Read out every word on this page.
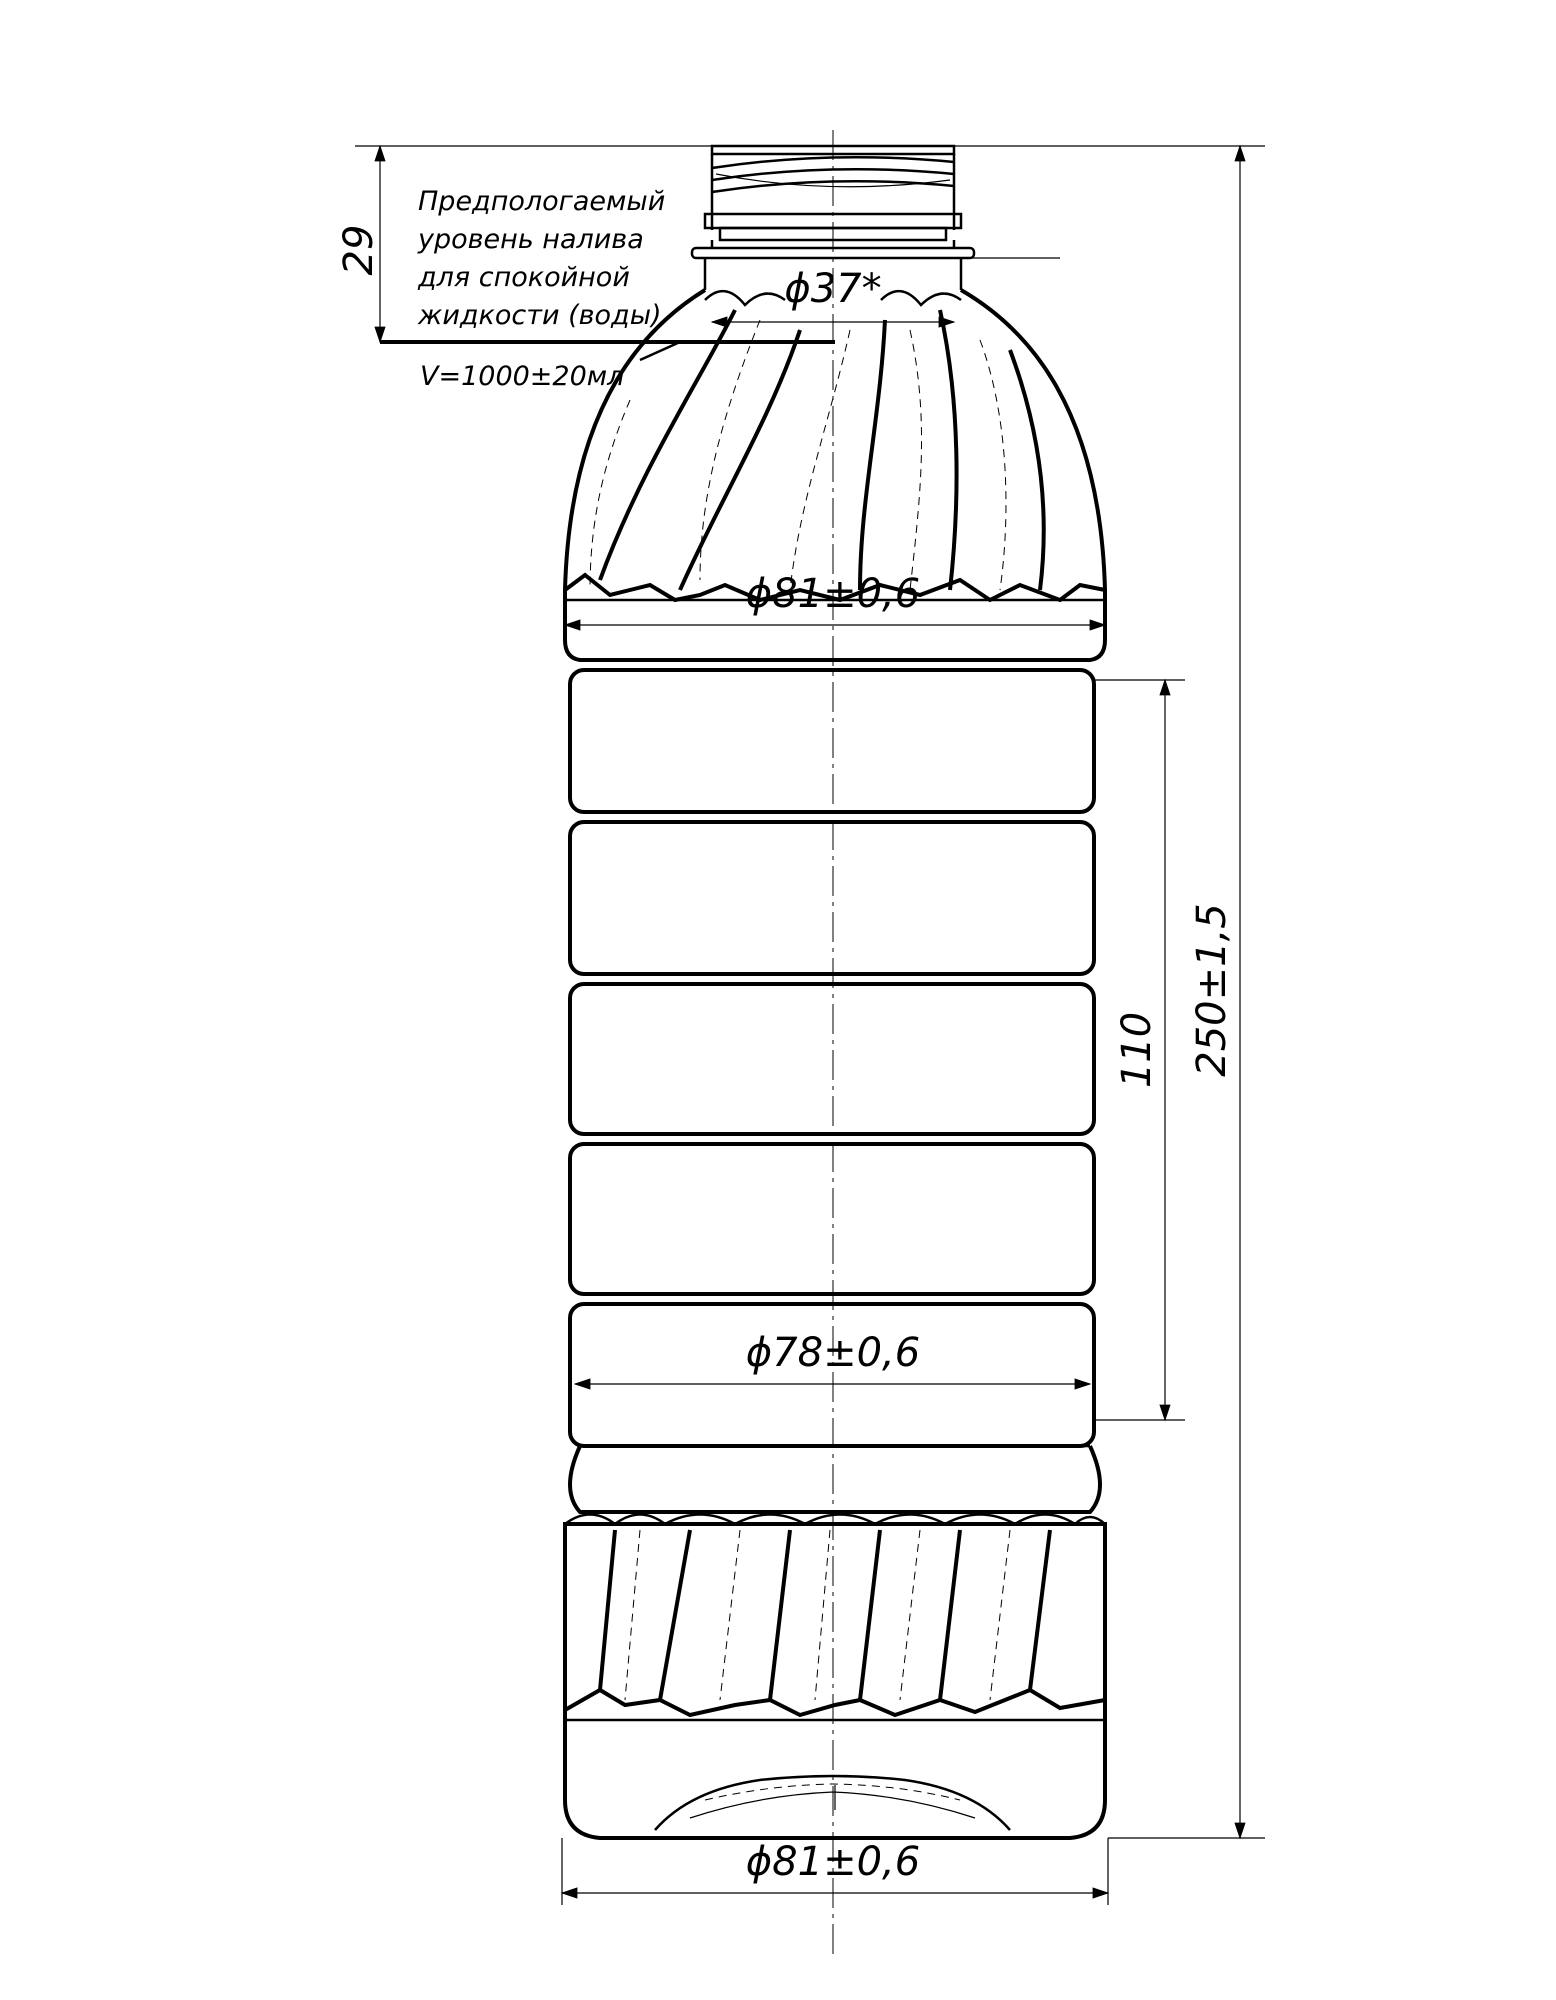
Предпологаемый
уровень налива
для спокойной
жидкости (воды)
V=1000±20мл
29
ϕ37*
ϕ81±0,6
ϕ78±0,6
ϕ81±0,6
110 250±1,5
